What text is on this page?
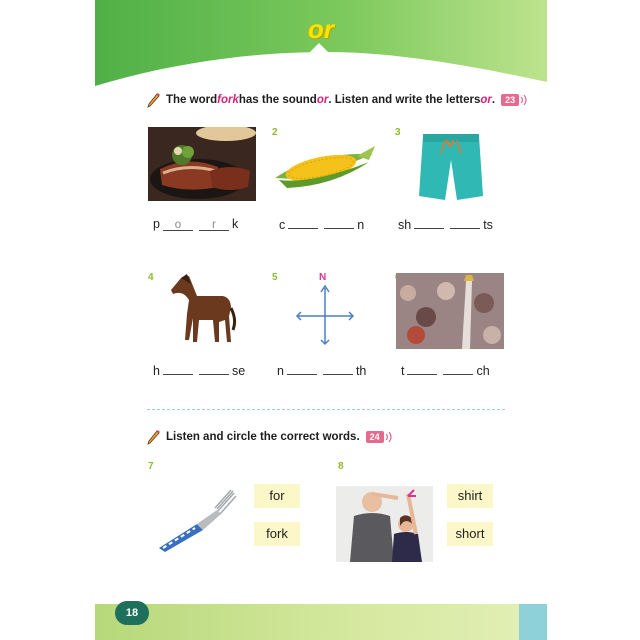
or
The word fork has the sound or . Listen and write the letters or .	23
p	o	r	k
2
c	n
3
sh	ts
4
h	se
5	N
n	th	t	ch
Listen and circle the correct words.	24
7
for
fork
8
shirt
short
18
